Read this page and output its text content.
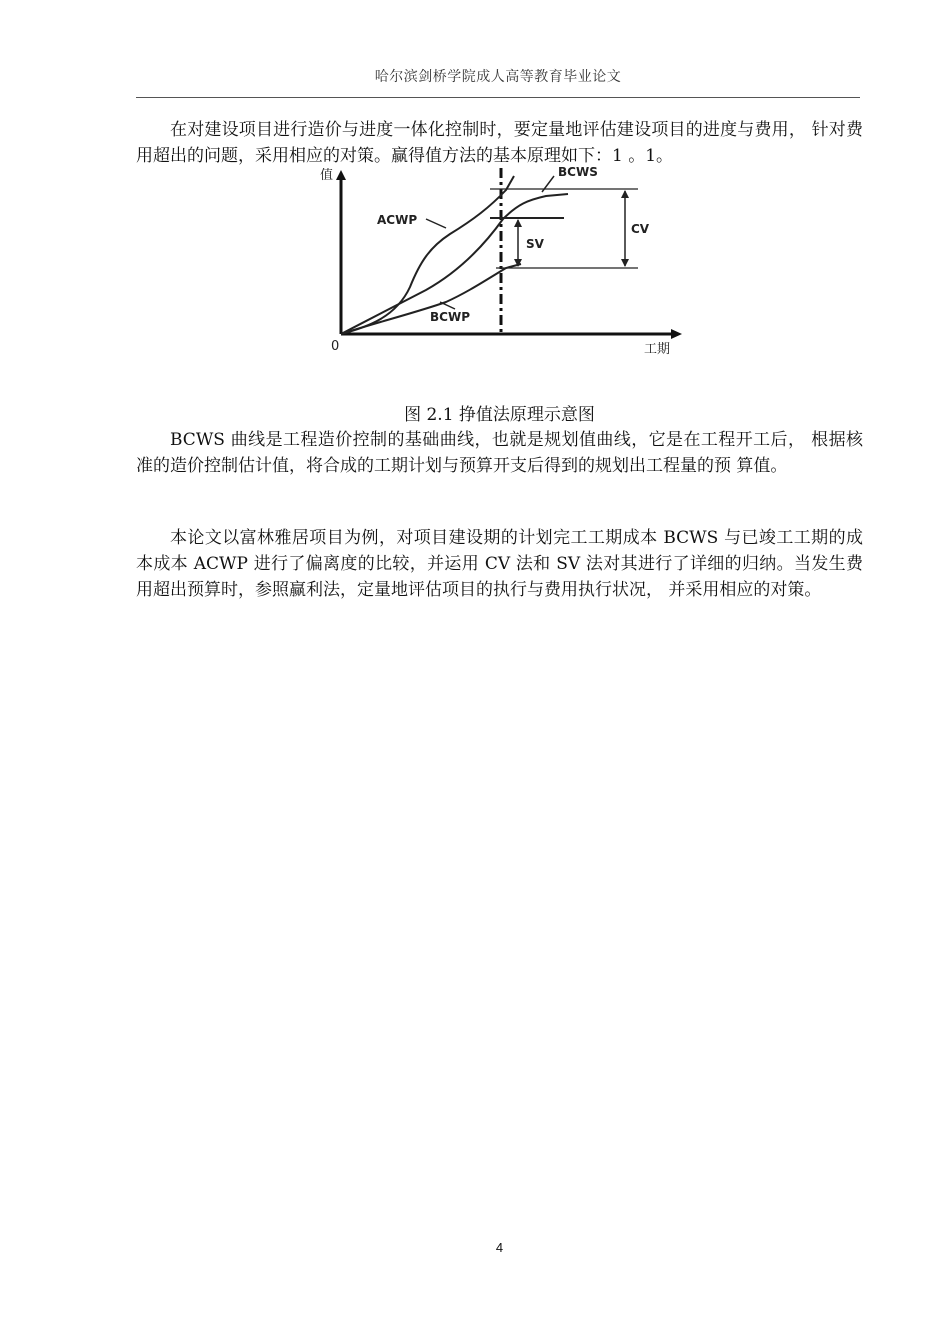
哈尔滨剑桥学院成人高等教育毕业论文

在对建设项目进行造价与进度一体化控制时，要定量地评估建设项目的进度与费用， 针对费用超出的问题，采用相应的对策。赢得值方法的基本原理如下：1 。1。

值
0	工期
ACWP
BCWS
BCWP
SV
CV
图 2.1 挣值法原理示意图

BCWS 曲线是工程造价控制的基础曲线，也就是规划值曲线，它是在工程开工后， 根据核准的造价控制估计值，将合成的工期计划与预算开支后得到的规划出工程量的预 算值。

本论文以富林雅居项目为例，对项目建设期的计划完工工期成本 BCWS 与已竣工工期的成本成本 ACWP 进行了偏离度的比较，并运用 CV 法和 SV 法对其进行了详细的归纳。当发生费用超出预算时，参照赢利法，定量地评估项目的执行与费用执行状况， 并采用相应的对策。

4
